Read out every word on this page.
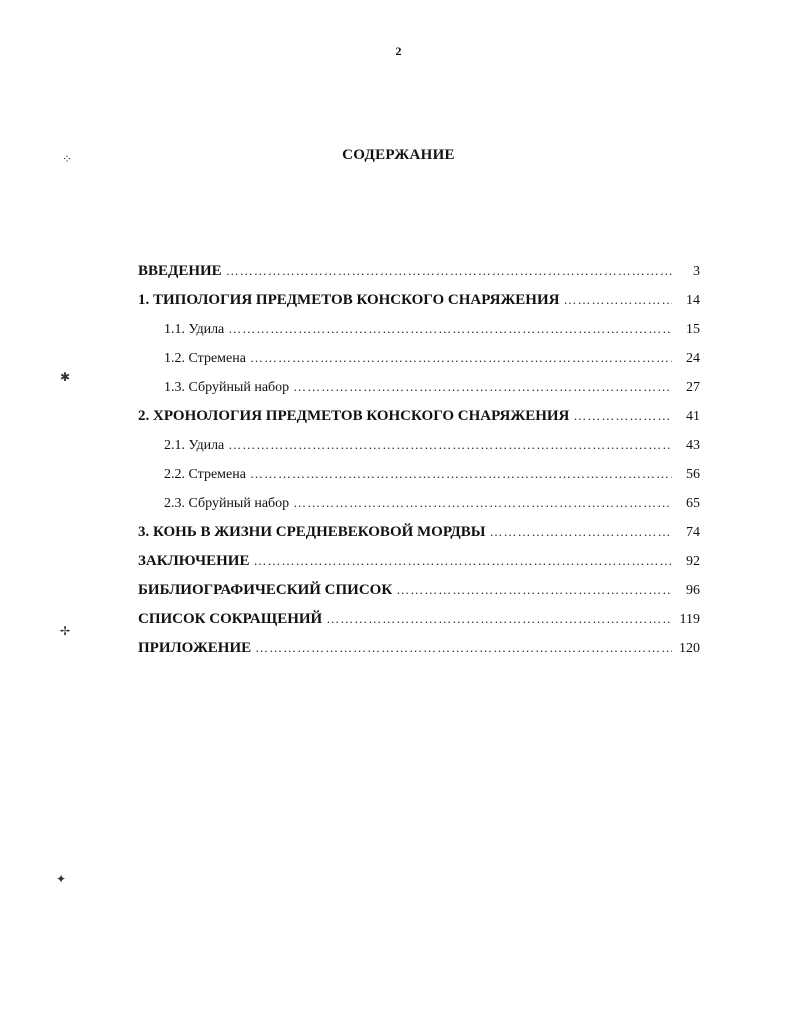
2
СОДЕРЖАНИЕ
⁘
✱
✢
✦
ВВЕДЕНИЕ ……………………………………………………………………………………………………………………………………	3
1. ТИПОЛОГИЯ ПРЕДМЕТОВ КОНСКОГО СНАРЯЖЕНИЯ ……………………………………………………………………………………………………………………………………	14
1.1. Удила ……………………………………………………………………………………………………………………………………	15
1.2. Стремена ……………………………………………………………………………………………………………………………………	24
1.3. Сбруйный набор ……………………………………………………………………………………………………………………………………	27
2. ХРОНОЛОГИЯ ПРЕДМЕТОВ КОНСКОГО СНАРЯЖЕНИЯ ……………………………………………………………………………………………………………………………………	41
2.1. Удила ……………………………………………………………………………………………………………………………………	43
2.2. Стремена ……………………………………………………………………………………………………………………………………	56
2.3. Сбруйный набор ……………………………………………………………………………………………………………………………………	65
3. КОНЬ В ЖИЗНИ СРЕДНЕВЕКОВОЙ МОРДВЫ ……………………………………………………………………………………………………………………………………	74
ЗАКЛЮЧЕНИЕ ……………………………………………………………………………………………………………………………………	92
БИБЛИОГРАФИЧЕСКИЙ СПИСОК ……………………………………………………………………………………………………………………………………	96
СПИСОК СОКРАЩЕНИЙ ……………………………………………………………………………………………………………………………………	119
ПРИЛОЖЕНИЕ ……………………………………………………………………………………………………………………………………	120
